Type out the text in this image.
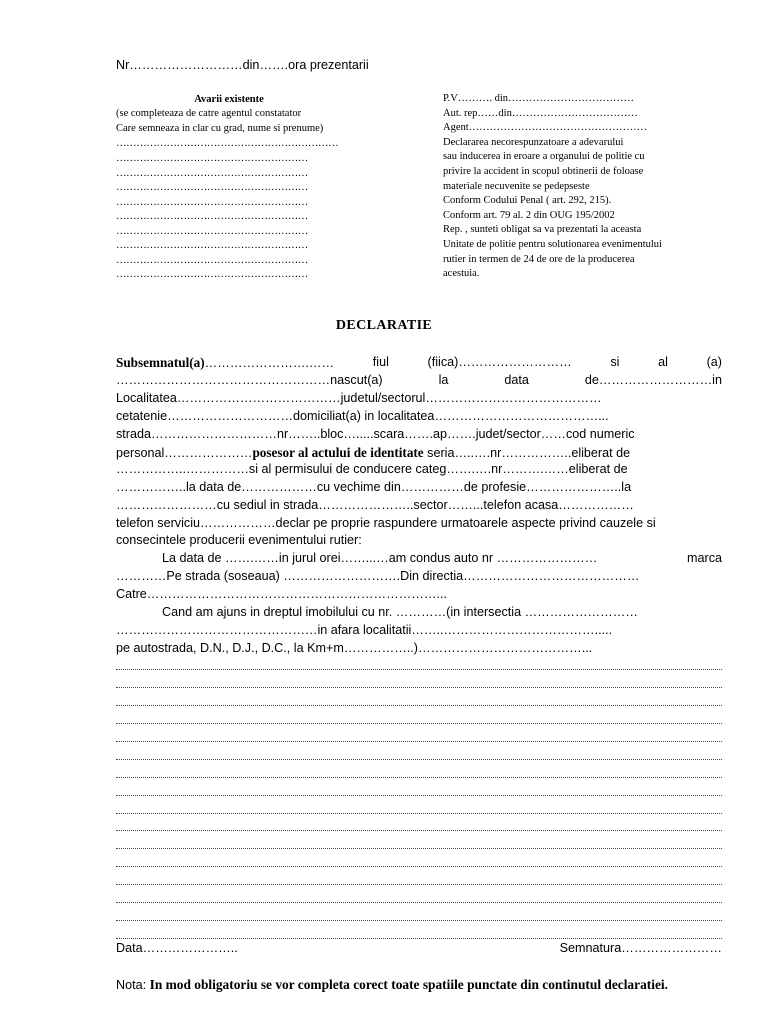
Nr………………………din…….ora prezentarii
Avarii existente
(se completeaza de catre agentul constatator
Care semneaza in clar cu grad, nume si prenume)
…………………………………………………………
…………………………………………………
…………………………………………………
…………………………………………………
…………………………………………………
…………………………………………………
…………………………………………………
…………………………………………………
…………………………………………………
…………………………………………………
P.V………. din………………………………
Aut. rep……din………………………………
Agent……………………………………………
Declararea necorespunzatoare a adevarului
sau inducerea in eroare a organului de politie cu
privire la accident in scopul obtinerii de foloase
materiale necuvenite se pedepseste
Conform Codului Penal ( art. 292, 215).
Conform art. 79 al. 2 din OUG 195/2002
Rep. , sunteti obligat sa va prezentati la aceasta
Unitate de politie pentru solutionarea evenimentului
rutier in termen de 24 de ore de la producerea
acestuia.
DECLARATIE
Subsemnatul(a)…………………….……	fiul	(fiica)………………………	si	al	(a)
……………………………………………nascut(a)	la	data	de………………………in
Localitatea…………………………………judetul/sectorul……………………………………
cetatenie…………………………domiciliat(a) in localitatea…………………………………...
strada…………………………nr……..bloc….....scara…….ap…….judet/sector……cod numeric
personal…………………posesor al actului de identitate seria…..….nr……………..eliberat de
……………..……………si al permisului de conducere categ…….….nr……….……eliberat de
……………..la data de………………cu vechime din……………de profesie…………………..la
……………………cu sediul in strada…………………..sector……...telefon acasa………………
telefon serviciu………………declar pe proprie raspundere urmatoarele aspecte privind cauzele si
consecintele producerii evenimentului rutier:
La data de …….……in jurul orei……...…am condus auto nr ……………………	marca
…………Pe strada (soseaua) ……………………….Din directia……………………………………
Catre……………………………………………………………...
Cand am ajuns in dreptul imobilului cu nr. …………(in intersectia ………………………
…………………………………………in afara localitatii……..……………………………….....
pe autostrada, D.N., D.J., D.C., la Km+m……………..)…………………………………...
Data…………………..	Semnatura……………………
Nota: In mod obligatoriu se vor completa corect toate spatiile punctate din continutul declaratiei.
